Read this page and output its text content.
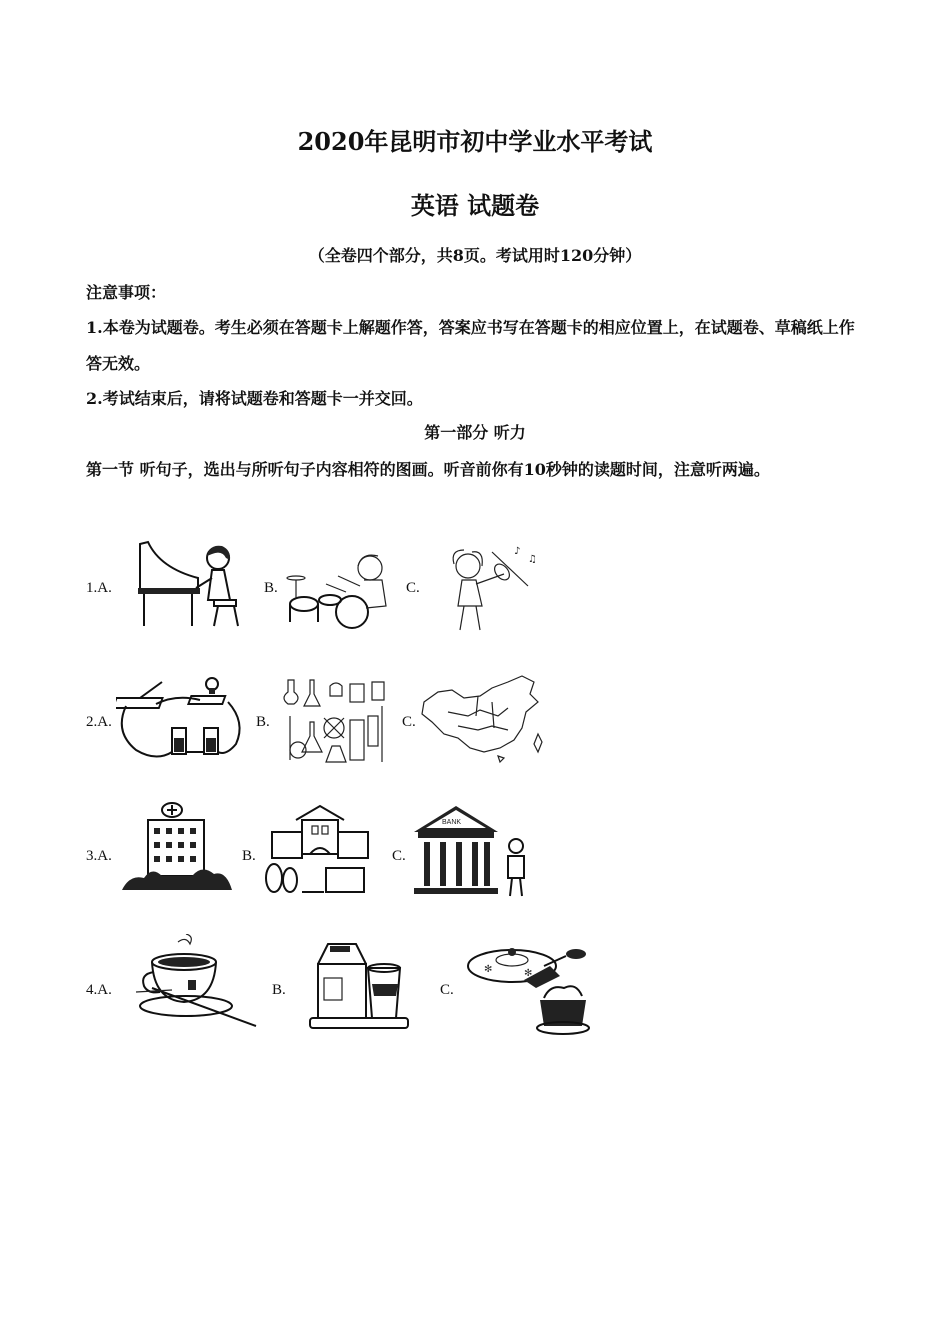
2020年昆明市初中学业水平考试
英语 试题卷
（全卷四个部分，共8页。考试用时120分钟）
注意事项：
1.本卷为试题卷。考生必须在答题卡上解题作答，答案应书写在答题卡的相应位置上，在试题卷、草稿纸上作答无效。
2.考试结束后，请将试题卷和答题卡一并交回。
第一部分 听力
第一节 听句子，选出与所听句子内容相符的图画。听音前你有10秒钟的读题时间，注意听两遍。
1.A.	B.	C.
♪
♫
2.A.	B.	C.
3.A.	B.	C.
BANK
4.A.	B.	C.
✻	✻
